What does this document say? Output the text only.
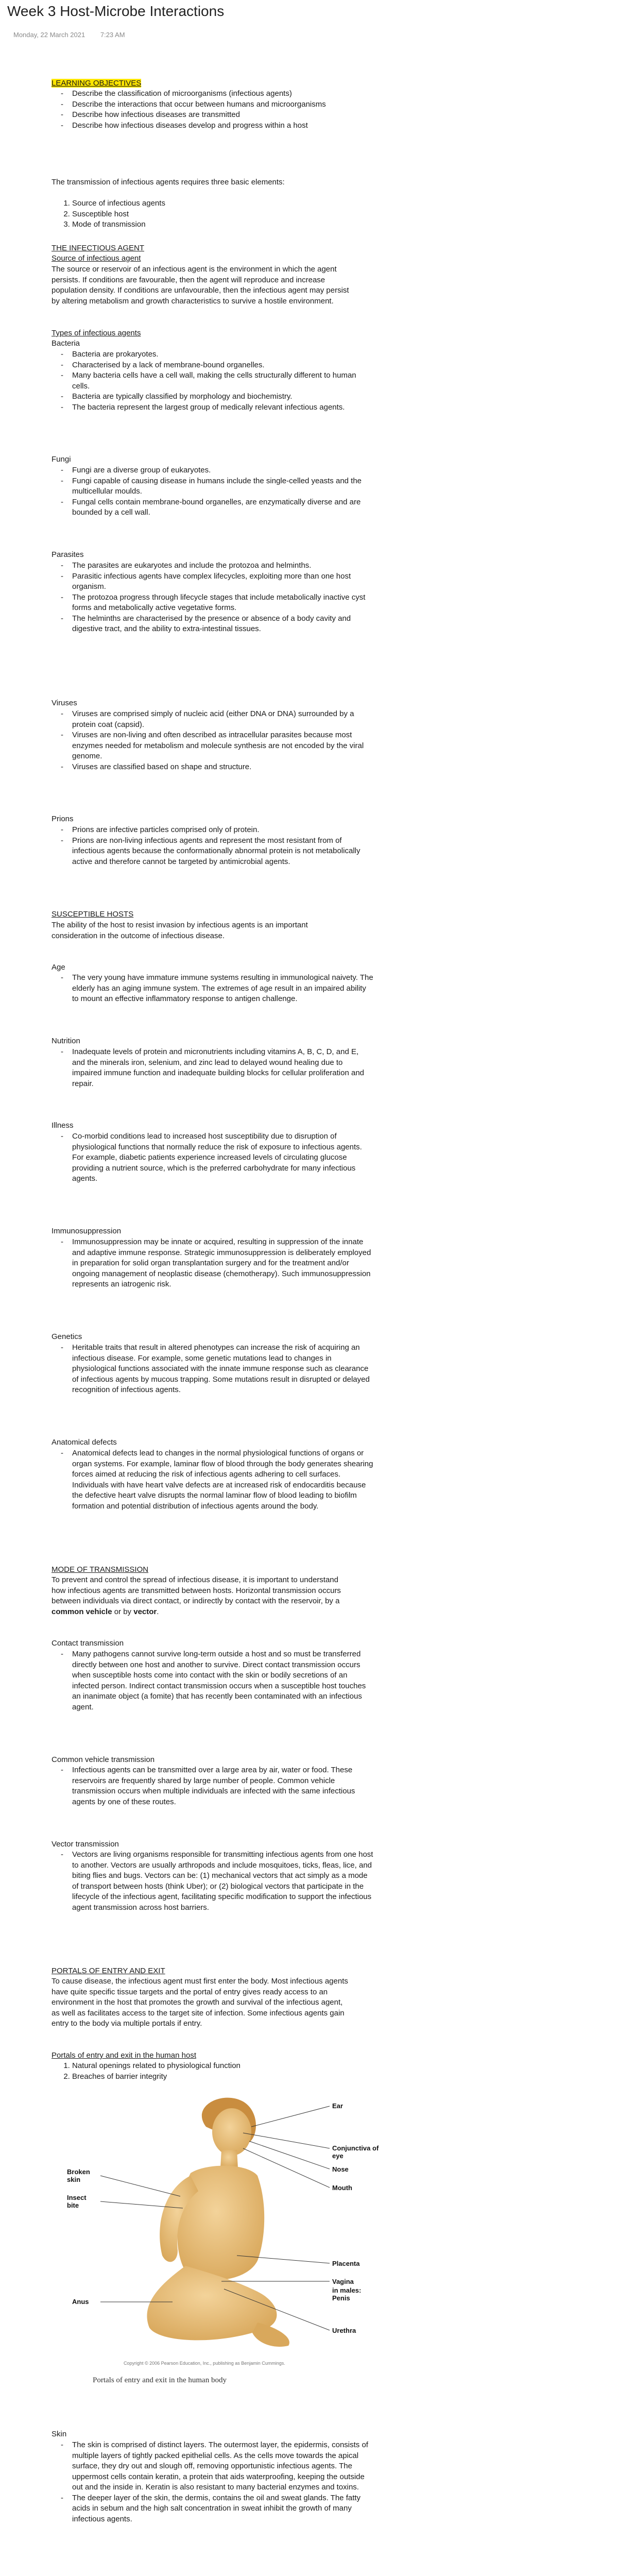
Week 3 Host-Microbe Interactions
Monday, 22 March 2021 7:23 AM

LEARNING OBJECTIVES

- Describe the classification of microorganisms (infectious agents)
- Describe the interactions that occur between humans and microorganisms
- Describe how infectious diseases are transmitted
- Describe how infectious diseases develop and progress within a host

The transmission of infectious agents requires three basic elements:

1. Source of infectious agents
2. Susceptible host
3. Mode of transmission

THE INFECTIOUS AGENT

Source of infectious agent

The source or reservoir of an infectious agent is the environment in which the agent persists. If conditions are favourable, then the agent will reproduce and increase population density. If conditions are unfavourable, then the infectious agent may persist by altering metabolism and growth characteristics to survive a hostile environment.

Types of infectious agents

Bacteria

- Bacteria are prokaryotes.
- Characterised by a lack of membrane-bound organelles.
- Many bacteria cells have a cell wall, making the cells structurally different to human cells.
- Bacteria are typically classified by morphology and biochemistry.
- The bacteria represent the largest group of medically relevant infectious agents.

Fungi

- Fungi are a diverse group of eukaryotes.
- Fungi capable of causing disease in humans include the single-celled yeasts and the multicellular moulds.
- Fungal cells contain membrane-bound organelles, are enzymatically diverse and are bounded by a cell wall.

Parasites

- The parasites are eukaryotes and include the protozoa and helminths.
- Parasitic infectious agents have complex lifecycles, exploiting more than one host organism.
- The protozoa progress through lifecycle stages that include metabolically inactive cyst forms and metabolically active vegetative forms.
- The helminths are characterised by the presence or absence of a body cavity and digestive tract, and the ability to extra-intestinal tissues.

Viruses

- Viruses are comprised simply of nucleic acid (either DNA or DNA) surrounded by a protein coat (capsid).
- Viruses are non-living and often described as intracellular parasites because most enzymes needed for metabolism and molecule synthesis are not encoded by the viral genome.
- Viruses are classified based on shape and structure.

Prions

- Prions are infective particles comprised only of protein.
- Prions are non-living infectious agents and represent the most resistant from of infectious agents because the conformationally abnormal protein is not metabolically active and therefore cannot be targeted by antimicrobial agents.

SUSCEPTIBLE HOSTS

The ability of the host to resist invasion by infectious agents is an important consideration in the outcome of infectious disease.

Age

- The very young have immature immune systems resulting in immunological naivety. The elderly has an aging immune system. The extremes of age result in an impaired ability to mount an effective inflammatory response to antigen challenge.

Nutrition

- Inadequate levels of protein and micronutrients including vitamins A, B, C, D, and E, and the minerals iron, selenium, and zinc lead to delayed wound healing due to impaired immune function and inadequate building blocks for cellular proliferation and repair.

Illness

- Co-morbid conditions lead to increased host susceptibility due to disruption of physiological functions that normally reduce the risk of exposure to infectious agents. For example, diabetic patients experience increased levels of circulating glucose providing a nutrient source, which is the preferred carbohydrate for many infectious agents.

Immunosuppression

- Immunosuppression may be innate or acquired, resulting in suppression of the innate and adaptive immune response. Strategic immunosuppression is deliberately employed in preparation for solid organ transplantation surgery and for the treatment and/or ongoing management of neoplastic disease (chemotherapy). Such immunosuppression represents an iatrogenic risk.

Genetics

- Heritable traits that result in altered phenotypes can increase the risk of acquiring an infectious disease. For example, some genetic mutations lead to changes in physiological functions associated with the innate immune response such as clearance of infectious agents by mucous trapping. Some mutations result in disrupted or delayed recognition of infectious agents.

Anatomical defects

- Anatomical defects lead to changes in the normal physiological functions of organs or organ systems. For example, laminar flow of blood through the body generates shearing forces aimed at reducing the risk of infectious agents adhering to cell surfaces. Individuals with have heart valve defects are at increased risk of endocarditis because the defective heart valve disrupts the normal laminar flow of blood leading to biofilm formation and potential distribution of infectious agents around the body.

MODE OF TRANSMISSION

To prevent and control the spread of infectious disease, it is important to understand how infectious agents are transmitted between hosts. Horizontal transmission occurs between individuals via direct contact, or indirectly by contact with the reservoir, by a common vehicle or by vector.

Contact transmission

- Many pathogens cannot survive long-term outside a host and so must be transferred directly between one host and another to survive. Direct contact transmission occurs when susceptible hosts come into contact with the skin or bodily secretions of an infected person. Indirect contact transmission occurs when a susceptible host touches an inanimate object (a fomite) that has recently been contaminated with an infectious agent.

Common vehicle transmission

- Infectious agents can be transmitted over a large area by air, water or food. These reservoirs are frequently shared by large number of people. Common vehicle transmission occurs when multiple individuals are infected with the same infectious agents by one of these routes.

Vector transmission

- Vectors are living organisms responsible for transmitting infectious agents from one host to another. Vectors are usually arthropods and include mosquitoes, ticks, fleas, lice, and biting flies and bugs. Vectors can be: (1) mechanical vectors that act simply as a mode of transport between hosts (think Uber); or (2) biological vectors that participate in the lifecycle of the infectious agent, facilitating specific modification to support the infectious agent transmission across host barriers.

PORTALS OF ENTRY AND EXIT

To cause disease, the infectious agent must first enter the body. Most infectious agents have quite specific tissue targets and the portal of entry gives ready access to an environment in the host that promotes the growth and survival of the infectious agent, as well as facilitates access to the target site of infection. Some infectious agents gain entry to the body via multiple portals if entry.

Portals of entry and exit in the human host

1. Natural openings related to physiological function
2. Breaches of barrier integrity
Ear
Conjunctiva of eye
Nose
Mouth
Placenta
Vagina
in males: Penis
Urethra
Broken skin
Insect bite
Anus
Copyright © 2006 Pearson Education, Inc., publishing as Benjamin Cummings.
Portals of entry and exit in the human body

Skin

- The skin is comprised of distinct layers. The outermost layer, the epidermis, consists of multiple layers of tightly packed epithelial cells. As the cells move towards the apical surface, they dry out and slough off, removing opportunistic infectious agents. The uppermost cells contain keratin, a protein that aids waterproofing, keeping the outside out and the inside in. Keratin is also resistant to many bacterial enzymes and toxins.
- The deeper layer of the skin, the dermis, contains the oil and sweat glands. The fatty acids in sebum and the high salt concentration in sweat inhibit the growth of many infectious agents.
